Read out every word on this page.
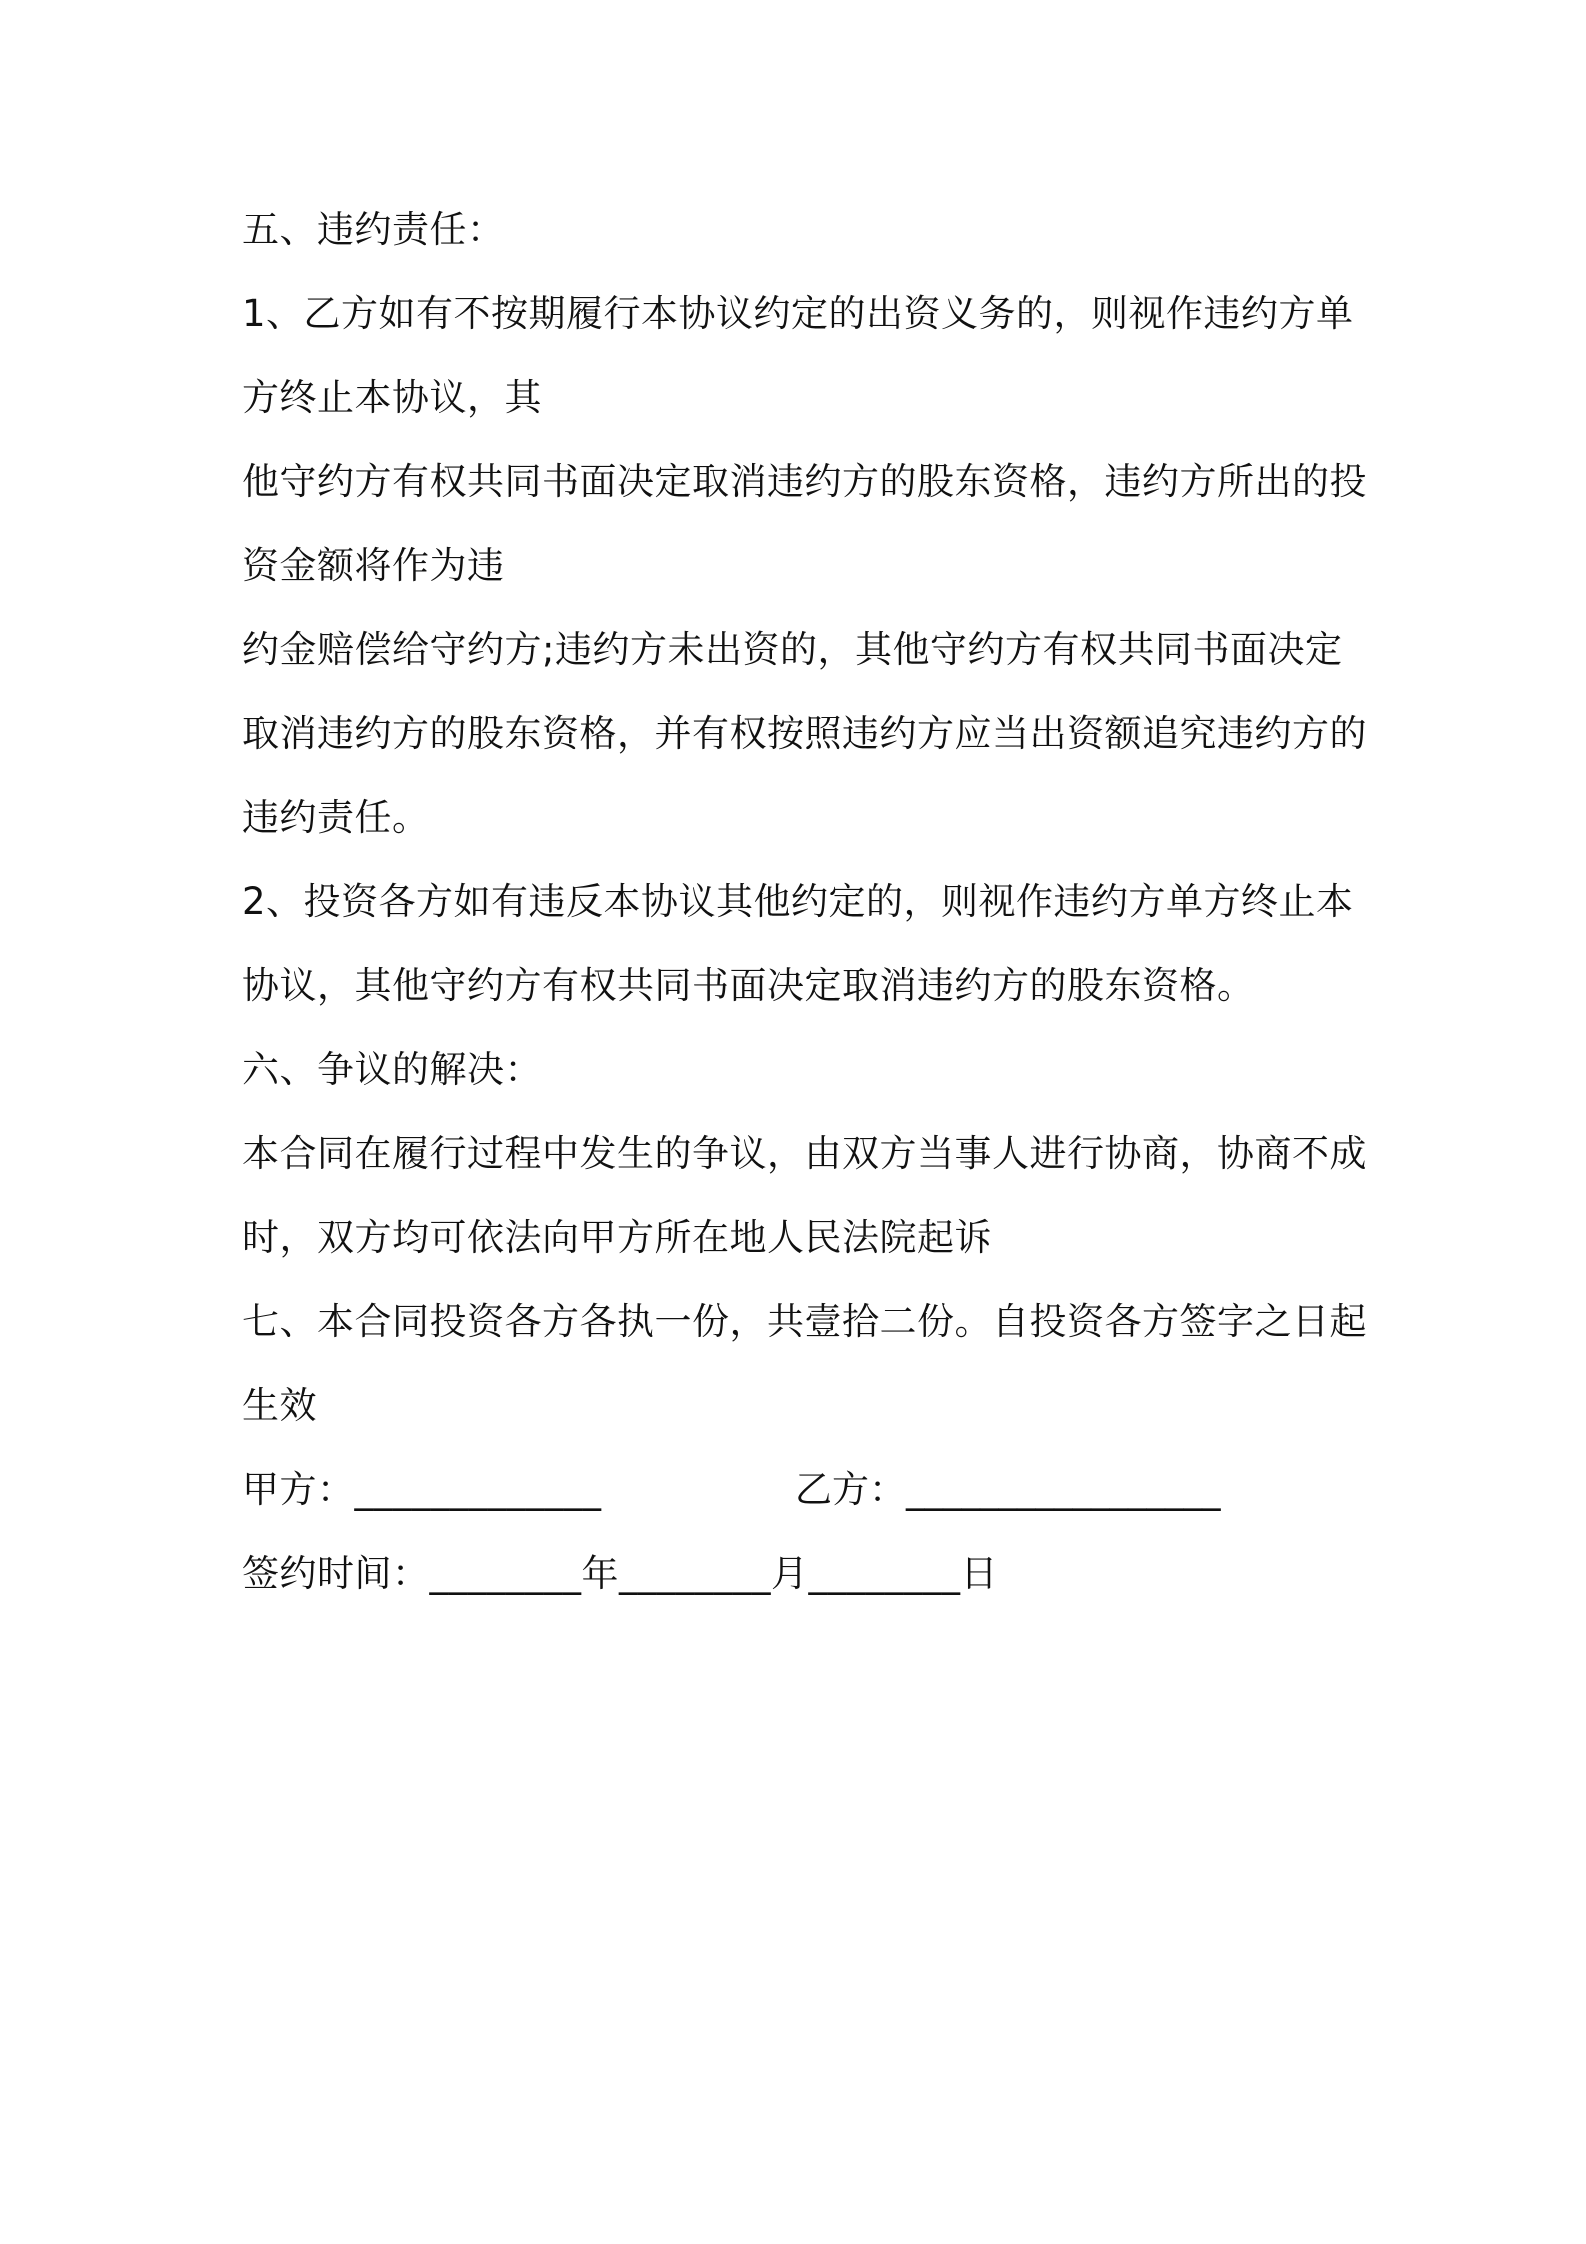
五、违约责任：
1、乙方如有不按期履行本协议约定的出资义务的，则视作违约方单
方终止本协议，其
他守约方有权共同书面决定取消违约方的股东资格，违约方所出的投
资金额将作为违
约金赔偿给守约方;违约方未出资的，其他守约方有权共同书面决定
取消违约方的股东资格，并有权按照违约方应当出资额追究违约方的
违约责任。
2、投资各方如有违反本协议其他约定的，则视作违约方单方终止本
协议，其他守约方有权共同书面决定取消违约方的股东资格。
六、争议的解决：
本合同在履行过程中发生的争议，由双方当事人进行协商，协商不成
时，双方均可依法向甲方所在地人民法院起诉
七、本合同投资各方各执一份，共壹拾二份。自投资各方签字之日起
生效
甲方：_____________	乙方：_________________
签约时间：________年________月________日
